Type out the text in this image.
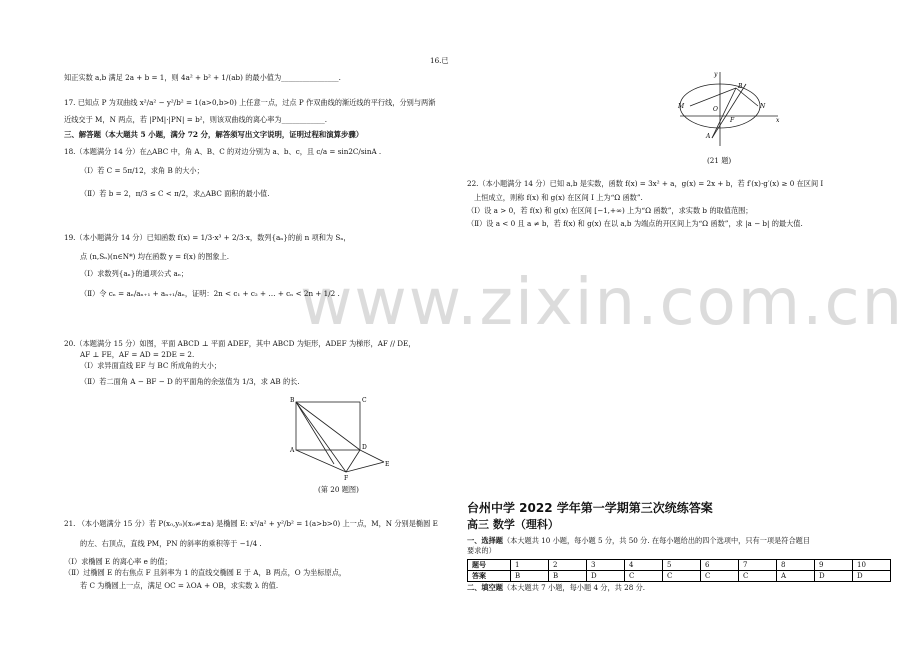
www.zixin.com.cn
16.已
知正实数 a,b 满足 2a + b = 1，则 4a² + b² + 1/(ab) 的最小值为________________.
17. 已知点 P 为双曲线 x²/a² − y²/b² = 1(a>0,b>0) 上任意一点，过点 P 作双曲线的渐近线的平行线，分别与两渐
近线交于 M，N 两点，若 |PM|·|PN| = b²，则该双曲线的离心率为____________.
三、解答题（本大题共 5 小题，满分 72 分，解答须写出文字说明，证明过程和演算步骤）
18.（本题满分 14 分）在△ABC 中，角 A、B、C 的对边分别为 a、b、c，且 c/a = sin2C/sinA .
（Ⅰ）若 C = 5π/12，求角 B 的大小；
（Ⅱ）若 b = 2，π/3 ≤ C < π/2，求△ABC 面积的最小值.
19.（本小题满分 14 分）已知函数 f(x) = 1/3·x³ + 2/3·x，数列{aₙ}的前 n 项和为 Sₙ，
点 (n,Sₙ)(n∈N*) 均在函数 y = f(x) 的图象上.
（Ⅰ）求数列{aₙ}的通项公式 aₙ；
（Ⅱ）令 cₙ = aₙ/aₙ₊₁ + aₙ₊₁/aₙ，证明：2n < c₁ + c₂ + … + cₙ < 2n + 1/2 .
20.（本题满分 15 分）如图，平面 ABCD ⊥ 平面 ADEF，其中 ABCD 为矩形，ADEF 为梯形，AF // DE，
AF ⊥ FE，AF = AD = 2DE = 2.
（Ⅰ）求异面直线 EF 与 BC 所成角的大小；
（Ⅱ）若二面角 A − BF − D 的平面角的余弦值为 1/3，求 AB 的长.
B	C
A	D
F
E
(第 20 题图)
21. （本小题满分 15 分）若 P(x₀,y₀)(x₀≠±a) 是椭圆 E: x²/a² + y²/b² = 1(a>b>0) 上一点，M，N 分别是椭圆 E
的左、右顶点，直线 PM，PN 的斜率的乘积等于 −1/4 .
（Ⅰ）求椭圆 E 的离心率 e 的值；
（Ⅱ）过椭圆 E 的右焦点 F 且斜率为 1 的直线交椭圆 E 于 A，B 两点，O 为坐标原点，
若 C 为椭圆上一点，满足 OC = λOA + OB，求实数 λ 的值.
y
x
M	O	N
B
A
F
(21 题)
22.（本小题满分 14 分）已知 a,b 是实数，函数 f(x) = 3x² + a，g(x) = 2x + b，若 f′(x)·g′(x) ≥ 0 在区间 I
上恒成立，则称 f(x) 和 g(x) 在区间 I 上为“Ω 函数”.
（Ⅰ）设 a > 0，若 f(x) 和 g(x) 在区间 [−1,+∞) 上为“Ω 函数”，求实数 b 的取值范围；
（Ⅱ）设 a < 0 且 a ≠ b，若 f(x) 和 g(x) 在以 a,b 为端点的开区间上为“Ω 函数”，求 |a − b| 的最大值.
台州中学 2022 学年第一学期第三次统练答案
高三 数学（理科）
一、选择题（本大题共 10 小题，每小题 5 分，共 50 分. 在每小题给出的四个选项中，只有一项是符合题目
要求的）
题号	1	2	3	4	5	6	7	8	9	10
答案	B	B	D	C	C	C	C	A	D	D
二、填空题（本大题共 7 小题，每小题 4 分，共 28 分.
